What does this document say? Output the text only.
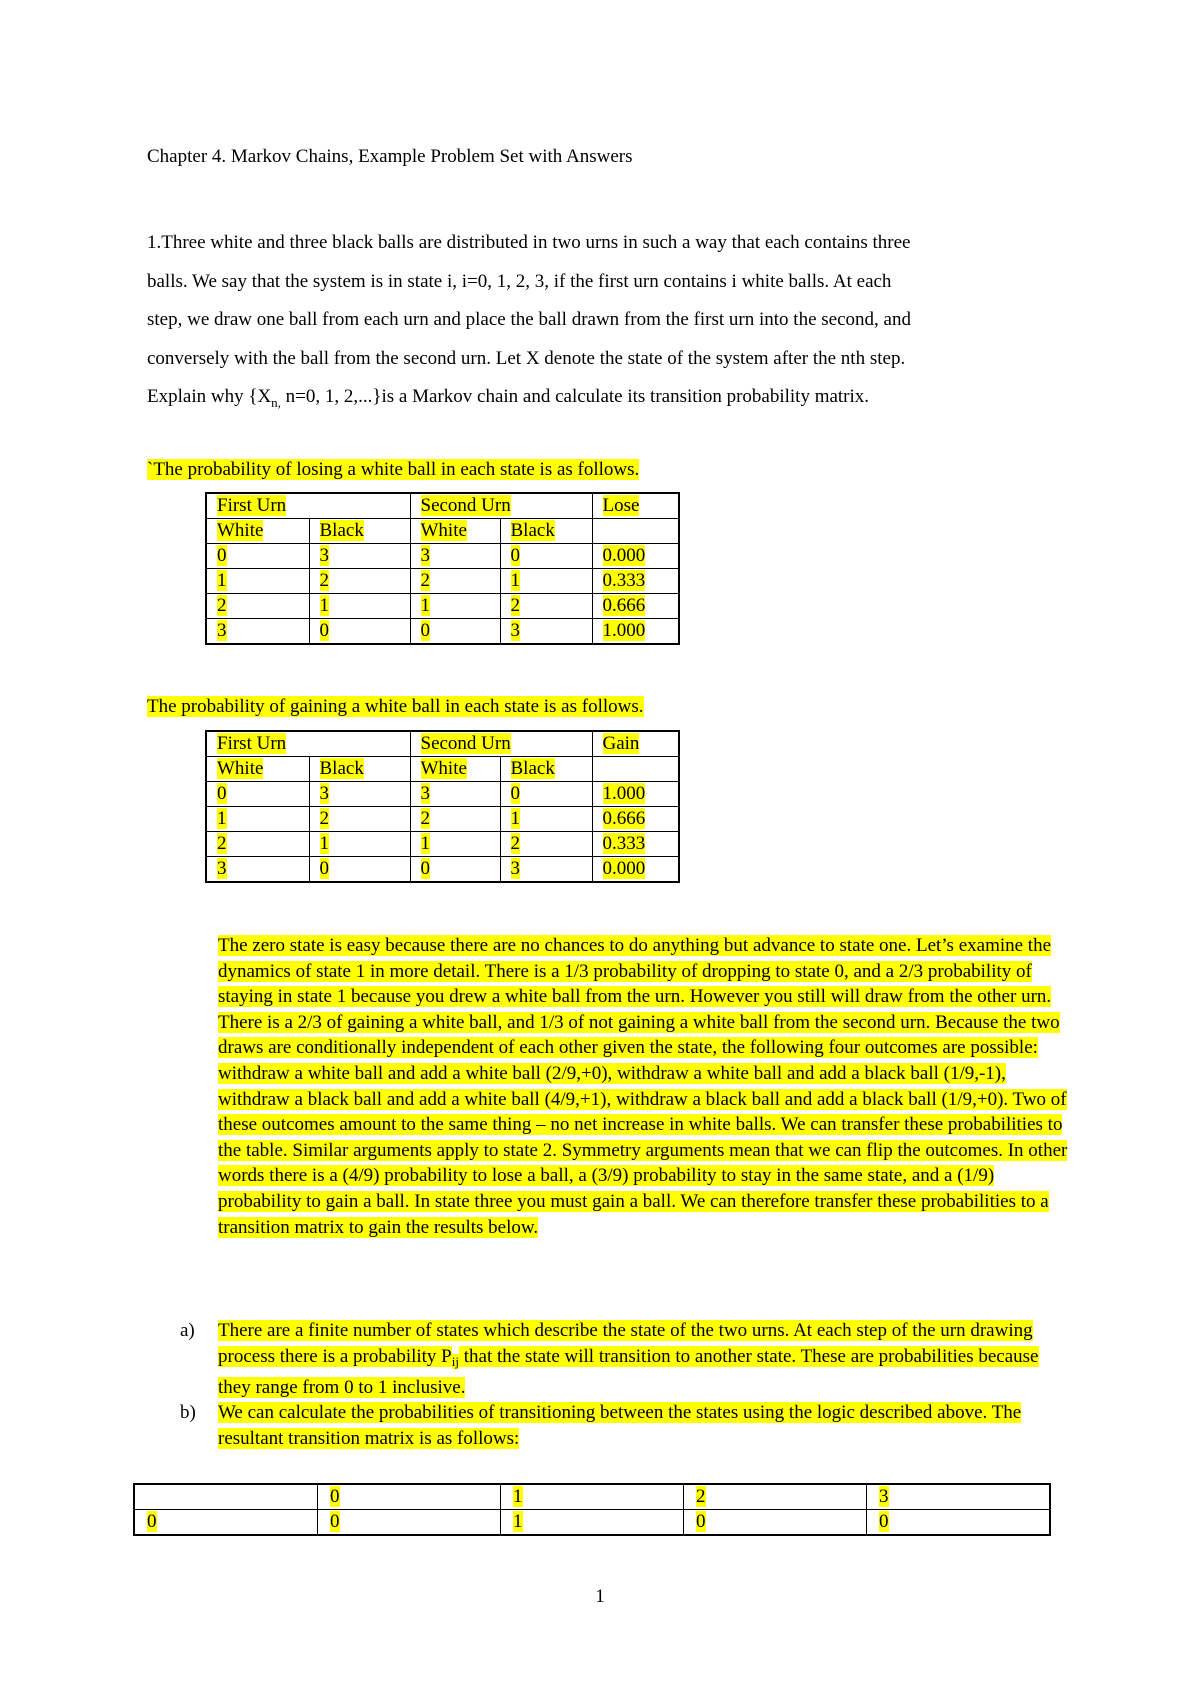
Chapter 4. Markov Chains, Example Problem Set with Answers

1.Three white and three black balls are distributed in two urns in such a way that each contains three

balls. We say that the system is in state i, i=0, 1, 2, 3, if the first urn contains i white balls. At each

step, we draw one ball from each urn and place the ball drawn from the first urn into the second, and

conversely with the ball from the second urn. Let X denote the state of the system after the nth step.

Explain why {$X_{n,}$ n=0, 1, 2,...}is a Markov chain and calculate its transition probability matrix.

`The probability of losing a white ball in each state is as follows.
First Urn		Second Urn		Lose
White	Black	White	Black	
0	3	3	0	0.000
1	2	2	1	0.333
2	1	1	2	0.666
3	0	0	3	1.000
The probability of gaining a white ball in each state is as follows.
First Urn		Second Urn		Gain
White	Black	White	Black	
0	3	3	0	1.000
1	2	2	1	0.666
2	1	1	2	0.333
3	0	0	3	0.000
The zero state is easy because there are no chances to do anything but advance to state one. Let’s examine the dynamics of state 1 in more detail. There is a 1/3 probability of dropping to state 0, and a 2/3 probability of staying in state 1 because you drew a white ball from the urn. However you still will draw from the other urn. There is a 2/3 of gaining a white ball, and 1/3 of not gaining a white ball from the second urn. Because the two draws are conditionally independent of each other given the state, the following four outcomes are possible: withdraw a white ball and add a white ball (2/9,+0), withdraw a white ball and add a black ball (1/9,-1), withdraw a black ball and add a white ball (4/9,+1), withdraw a black ball and add a black ball (1/9,+0). Two of these outcomes amount to the same thing – no net increase in white balls. We can transfer these probabilities to the table. Similar arguments apply to state 2. Symmetry arguments mean that we can flip the outcomes. In other words there is a (4/9) probability to lose a ball, a (3/9) probability to stay in the same state, and a (1/9) probability to gain a ball. In state three you must gain a ball. We can therefore transfer these probabilities to a transition matrix to gain the results below.
a) There are a finite number of states which describe the state of the two urns. At each step of the urn drawing process there is a probability $P_{ij}$ that the state will transition to another state. These are probabilities because they range from 0 to 1 inclusive.
b) We can calculate the probabilities of transitioning between the states using the logic described above. The resultant transition matrix is as follows:
	0	1	2	3
0	0	1	0	0
1
